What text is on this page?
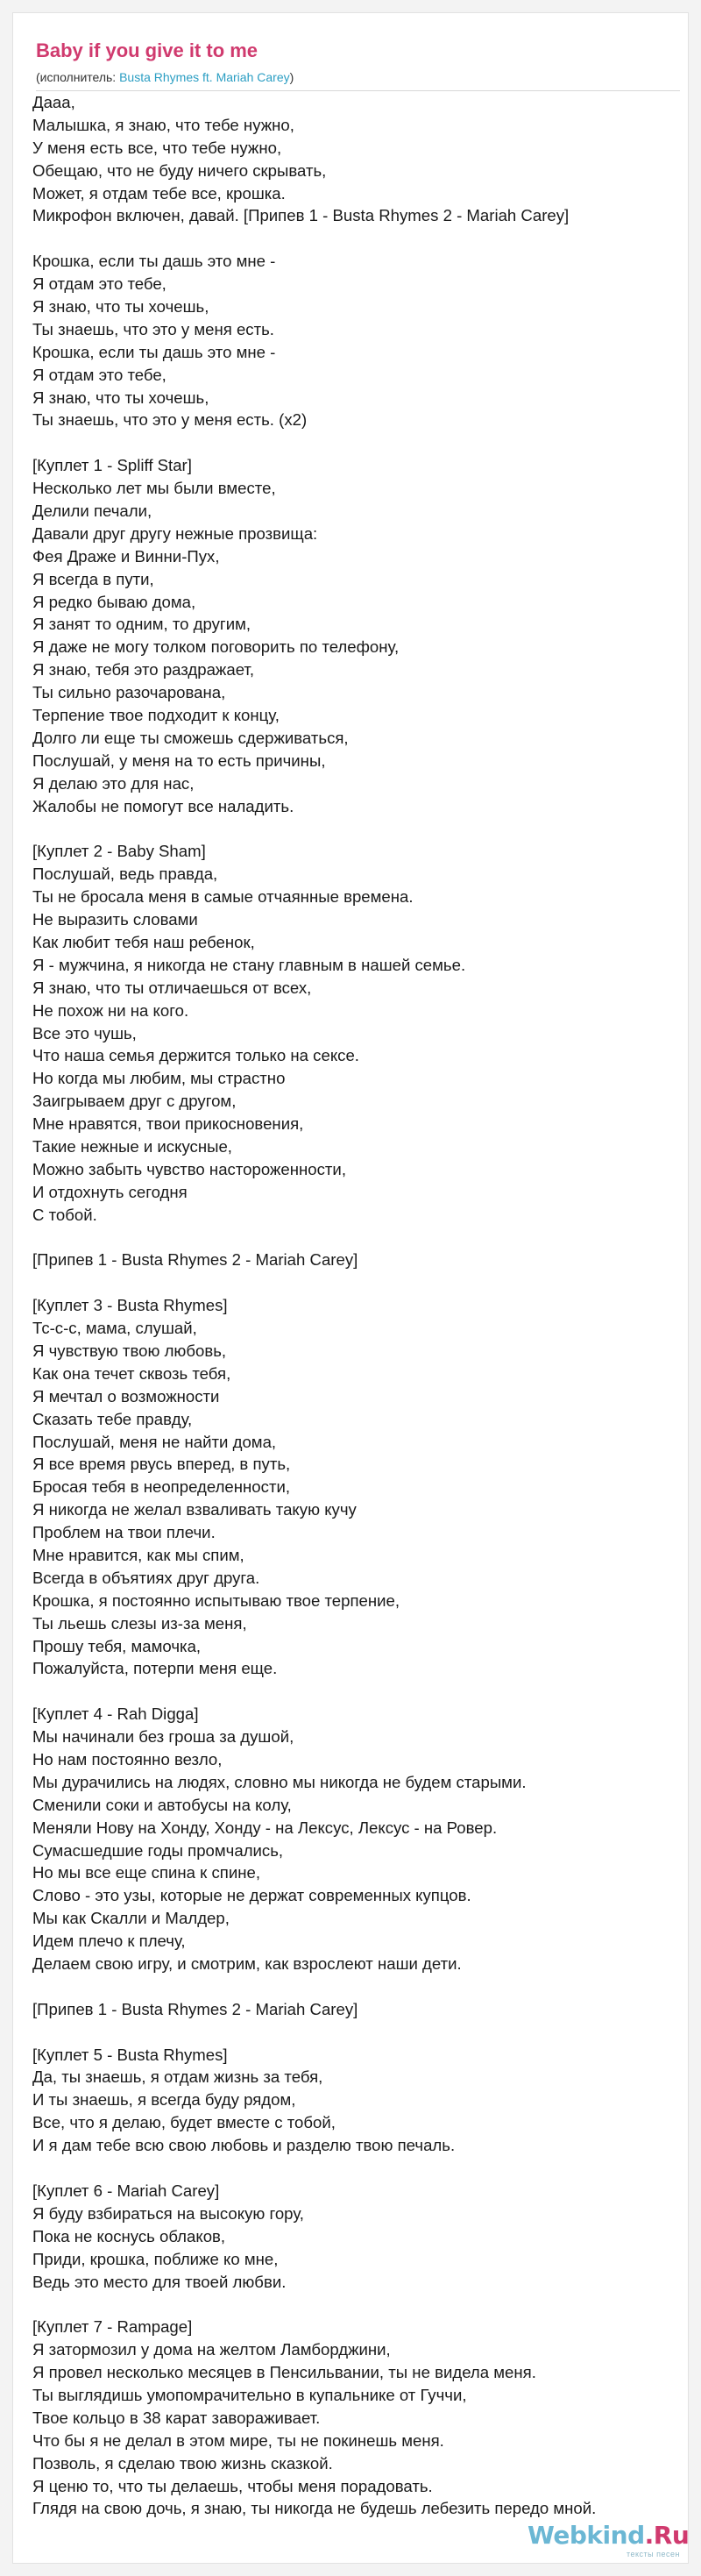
Baby if you give it to me
(исполнитель: Busta Rhymes ft. Mariah Carey)
Дааа,
Малышка, я знаю, что тебе нужно,
У меня есть все, что тебе нужно,
Обещаю, что не буду ничего скрывать,
Может, я отдам тебе все, крошка.
Микрофон включен, давай. [Припев 1 - Busta Rhymes 2 - Mariah Carey]
Крошка, если ты дашь это мне -
Я отдам это тебе,
Я знаю, что ты хочешь,
Ты знаешь, что это у меня есть.
Крошка, если ты дашь это мне -
Я отдам это тебе,
Я знаю, что ты хочешь,
Ты знаешь, что это у меня есть. (x2)
[Куплет 1 - Spliff Star]
Несколько лет мы были вместе,
Делили печали,
Давали друг другу нежные прозвища:
Фея Драже и Винни-Пух,
Я всегда в пути,
Я редко бываю дома,
Я занят то одним, то другим,
Я даже не могу толком поговорить по телефону,
Я знаю, тебя это раздражает,
Ты сильно разочарована,
Терпение твое подходит к концу,
Долго ли еще ты сможешь сдерживаться,
Послушай, у меня на то есть причины,
Я делаю это для нас,
Жалобы не помогут все наладить.
[Куплет 2 - Baby Sham]
Послушай, ведь правда,
Ты не бросала меня в самые отчаянные времена.
Не выразить словами
Как любит тебя наш ребенок,
Я - мужчина, я никогда не стану главным в нашей семье.
Я знаю, что ты отличаешься от всех,
Не похож ни на кого.
Все это чушь,
Что наша семья держится только на сексе.
Но когда мы любим, мы страстно
Заигрываем друг с другом,
Мне нравятся, твои прикосновения,
Такие нежные и искусные,
Можно забыть чувство настороженности,
И отдохнуть сегодня
С тобой.
[Припев 1 - Busta Rhymes 2 - Mariah Carey]
[Куплет 3 - Busta Rhymes]
Тс-с-с, мама, слушай,
Я чувствую твою любовь,
Как она течет сквозь тебя,
Я мечтал о возможности
Сказать тебе правду,
Послушай, меня не найти дома,
Я все время рвусь вперед, в путь,
Бросая тебя в неопределенности,
Я никогда не желал взваливать такую кучу
Проблем на твои плечи.
Мне нравится, как мы спим,
Всегда в объятиях друг друга.
Крошка, я постоянно испытываю твое терпение,
Ты льешь слезы из-за меня,
Прошу тебя, мамочка,
Пожалуйста, потерпи меня еще.
[Куплет 4 - Rah Digga]
Мы начинали без гроша за душой,
Но нам постоянно везло,
Мы дурачились на людях, словно мы никогда не будем старыми.
Сменили соки и автобусы на колу,
Меняли Нову на Хонду, Хонду - на Лексус, Лексус - на Ровер.
Сумасшедшие годы промчались,
Но мы все еще спина к спине,
Слово - это узы, которые не держат современных купцов.
Мы как Скалли и Малдер,
Идем плечо к плечу,
Делаем свою игру, и смотрим, как взрослеют наши дети.
[Припев 1 - Busta Rhymes 2 - Mariah Carey]
[Куплет 5 - Busta Rhymes]
Да, ты знаешь, я отдам жизнь за тебя,
И ты знаешь, я всегда буду рядом,
Все, что я делаю, будет вместе с тобой,
И я дам тебе всю свою любовь и разделю твою печаль.
[Куплет 6 - Mariah Carey]
Я буду взбираться на высокую гору,
Пока не коснусь облаков,
Приди, крошка, поближе ко мне,
Ведь это место для твоей любви.
[Куплет 7 - Rampage]
Я затормозил у дома на желтом Ламборджини,
Я провел несколько месяцев в Пенсильвании, ты не видела меня.
Ты выглядишь умопомрачительно в купальнике от Гуччи,
Твое кольцо в 38 карат завораживает.
Что бы я не делал в этом мире, ты не покинешь меня.
Позволь, я сделаю твою жизнь сказкой.
Я ценю то, что ты делаешь, чтобы меня порадовать.
Глядя на свою дочь, я знаю, ты никогда не будешь лебезить передо мной.
Webkind.Ru
тексты песен
